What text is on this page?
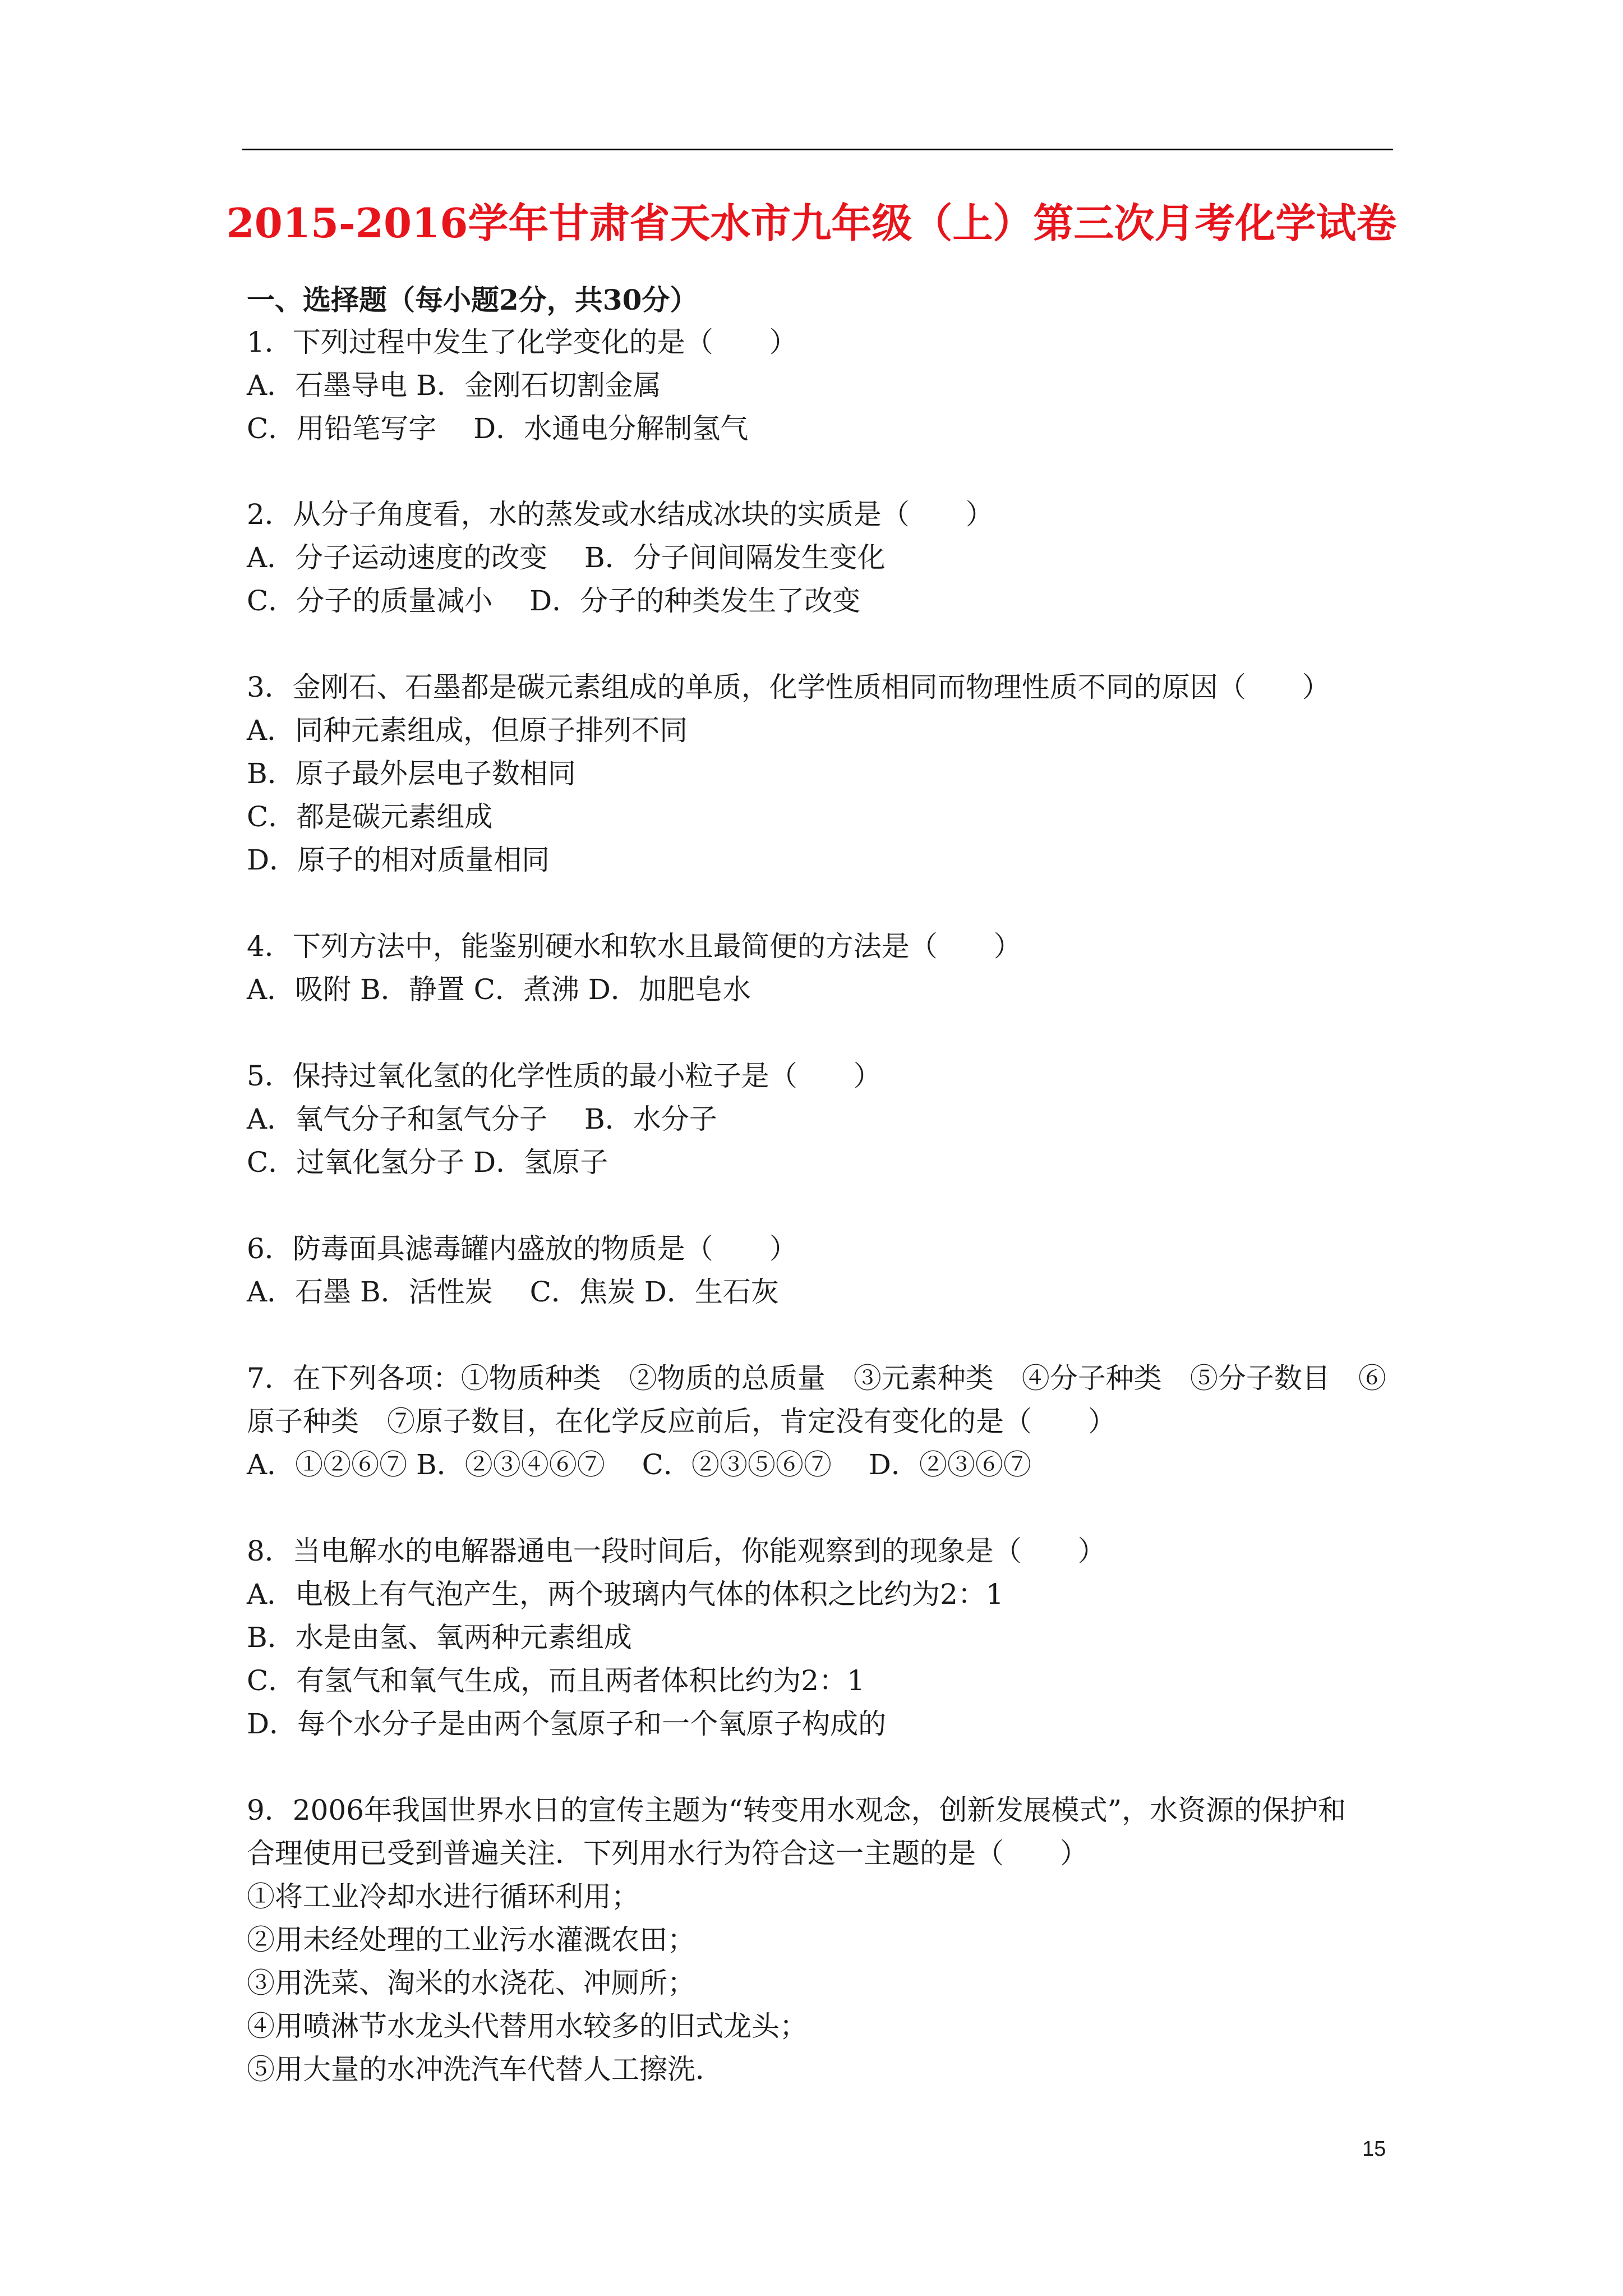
2015-2016学年甘肃省天水市九年级（上）第三次月考化学试卷
一、选择题（每小题2分，共30分）
1．下列过程中发生了化学变化的是（　　）
A．石墨导电 B．金刚石切割金属
C．用铅笔写字　 D．水通电分解制氢气
2．从分子角度看，水的蒸发或水结成冰块的实质是（　　）
A．分子运动速度的改变　 B．分子间间隔发生变化
C．分子的质量减小　 D．分子的种类发生了改变
3．金刚石、石墨都是碳元素组成的单质，化学性质相同而物理性质不同的原因（　　）
A．同种元素组成，但原子排列不同
B．原子最外层电子数相同
C．都是碳元素组成
D．原子的相对质量相同
4．下列方法中，能鉴别硬水和软水且最简便的方法是（　　）
A．吸附 B．静置 C．煮沸 D．加肥皂水
5．保持过氧化氢的化学性质的最小粒子是（　　）
A．氧气分子和氢气分子　 B．水分子
C．过氧化氢分子 D．氢原子
6．防毒面具滤毒罐内盛放的物质是（　　）
A．石墨 B．活性炭　 C．焦炭 D．生石灰
7．在下列各项：①物质种类　②物质的总质量　③元素种类　④分子种类　⑤分子数目　⑥
原子种类　⑦原子数目，在化学反应前后，肯定没有变化的是（　　）
A．①②⑥⑦ B．②③④⑥⑦　 C．②③⑤⑥⑦　 D．②③⑥⑦
8．当电解水的电解器通电一段时间后，你能观察到的现象是（　　）
A．电极上有气泡产生，两个玻璃内气体的体积之比约为2：1
B．水是由氢、氧两种元素组成
C．有氢气和氧气生成，而且两者体积比约为2：1
D．每个水分子是由两个氢原子和一个氧原子构成的
9．2006年我国世界水日的宣传主题为“转变用水观念，创新发展模式”，水资源的保护和
合理使用已受到普遍关注．下列用水行为符合这一主题的是（　　）
①将工业冷却水进行循环利用；
②用未经处理的工业污水灌溉农田；
③用洗菜、淘米的水浇花、冲厕所；
④用喷淋节水龙头代替用水较多的旧式龙头；
⑤用大量的水冲洗汽车代替人工擦洗．
15
